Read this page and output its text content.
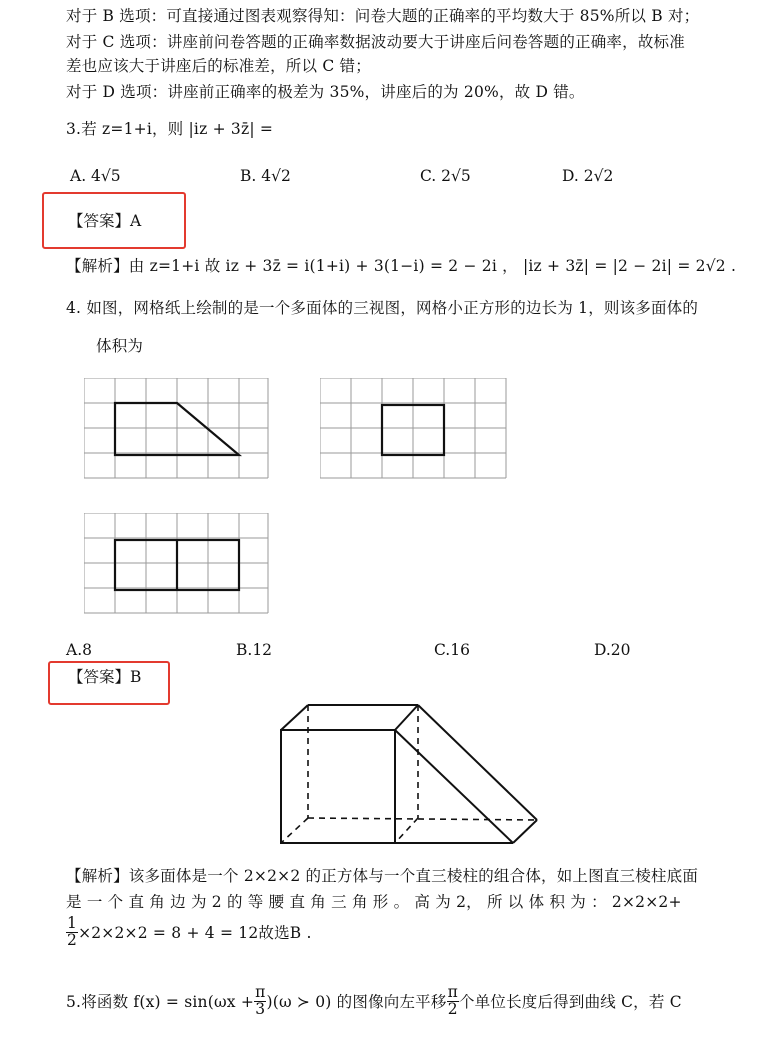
对于 B 选项：可直接通过图表观察得知：问卷大题的正确率的平均数大于 85%所以 B 对；
对于 C 选项：讲座前问卷答题的正确率数据波动要大于讲座后问卷答题的正确率，故标准
差也应该大于讲座后的标准差，所以 C 错；
对于 D 选项：讲座前正确率的极差为 35%，讲座后的为 20%，故 D 错。
3.若 z=1+i，则 |iz + 3z̄| =
A. 4√5	B. 4√2	C. 2√5	D. 2√2
【答案】A
【解析】由 z=1+i 故 iz + 3z̄ = i(1+i) + 3(1−i) = 2 − 2i ， |iz + 3z̄| = |2 − 2i| = 2√2 .
4. 如图，网格纸上绘制的是一个多面体的三视图，网格小正方形的边长为 1，则该多面体的
体积为
A.8	B.12	C.16	D.20
【答案】B
【解析】该多面体是一个 2×2×2 的正方体与一个直三棱柱的组合体，如上图直三棱柱底面
是 一 个 直 角 边 为 2 的 等 腰 直 角 三 角 形 。 高 为 2， 所 以 体 积 为 ： 2×2×2+
$\frac{1}{2} \times 2\times 2\times 2 = 8 + 4 = 12$故选B .
5.将函数 $f(x) = \sin(\omega x + \frac{\pi}{3} )(\omega$ ≻ 0) 的图像向左平移 $\frac{\pi}{2}$ 个单位长度后得到曲线 C，若 C
